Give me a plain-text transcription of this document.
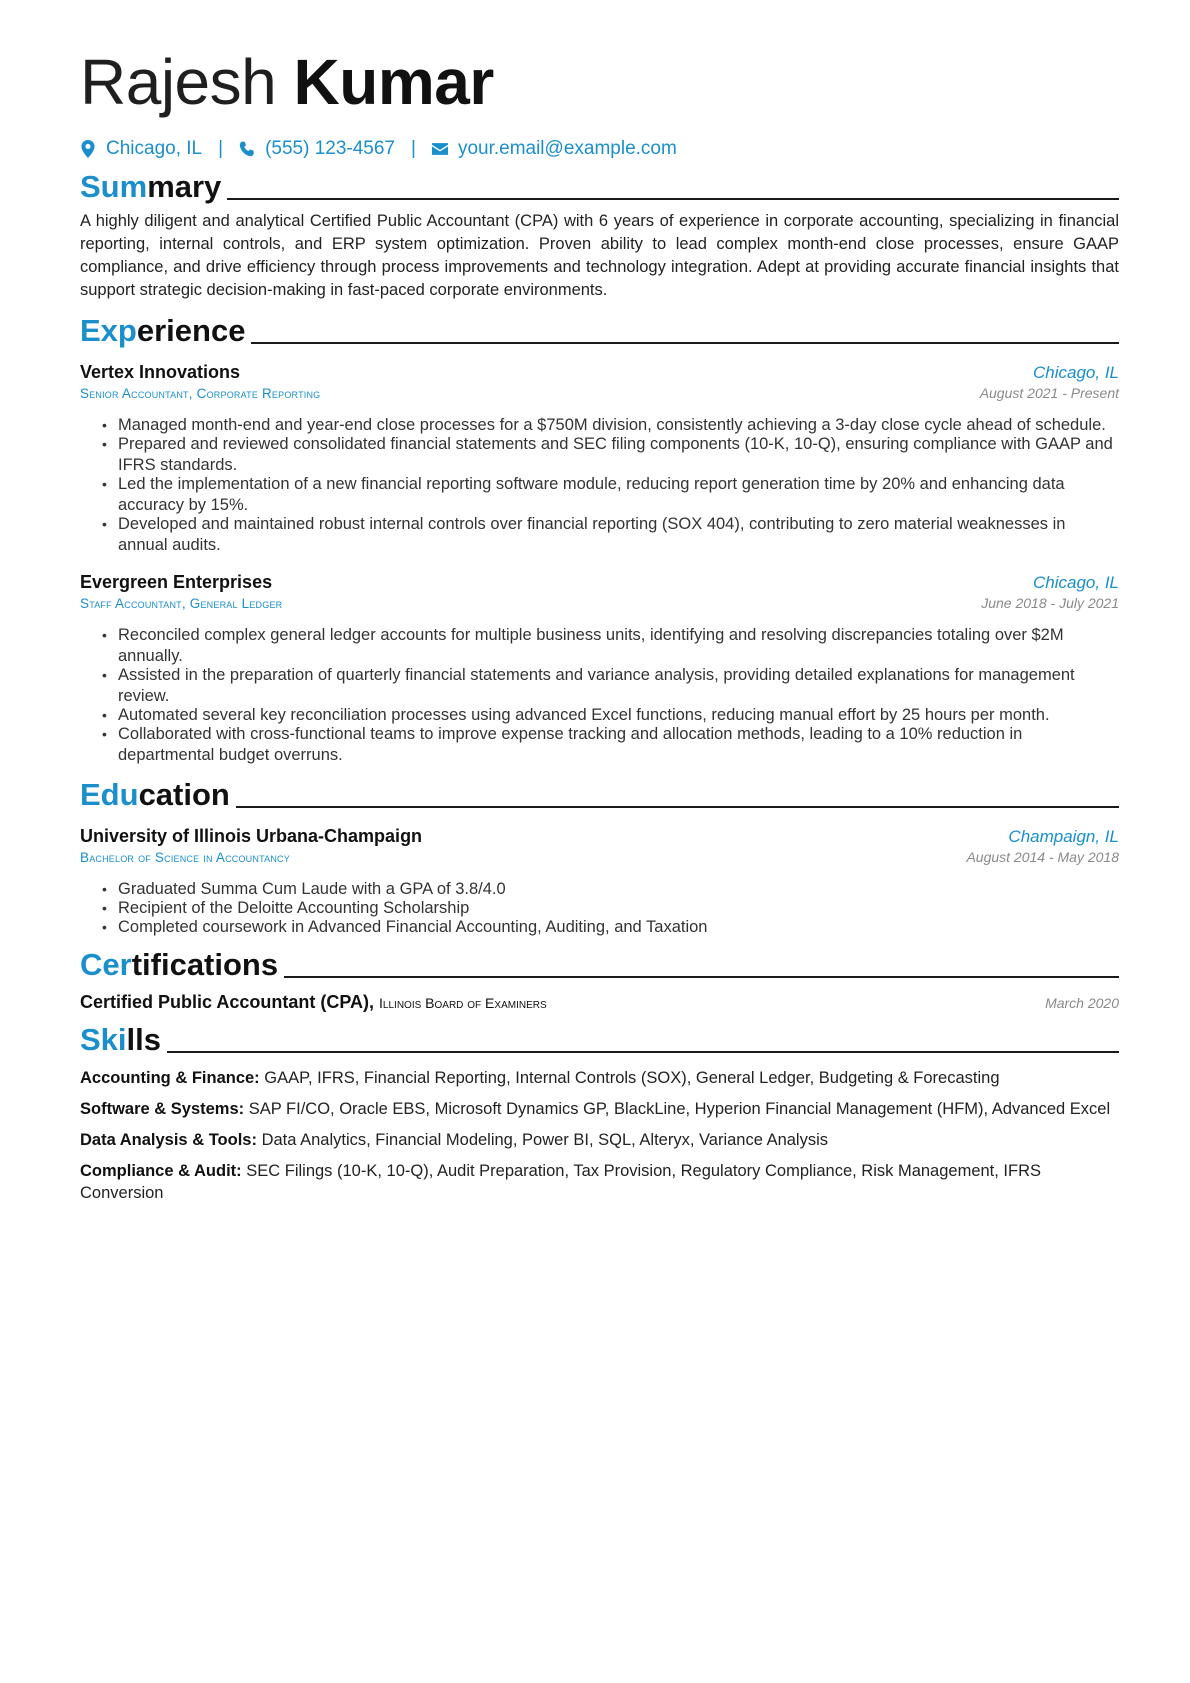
Rajesh Kumar
Chicago, IL | (555) 123-4567 | your.email@example.com
Summary

A highly diligent and analytical Certified Public Accountant (CPA) with 6 years of experience in corporate accounting, specializing in financial reporting, internal controls, and ERP system optimization. Proven ability to lead complex month-end close processes, ensure GAAP compliance, and drive efficiency through process improvements and technology integration. Adept at providing accurate financial insights that support strategic decision-making in fast-paced corporate environments.

Experience
Vertex Innovations	Chicago, IL
Senior Accountant, Corporate Reporting	August 2021 - Present
• Managed month-end and year-end close processes for a $750M division, consistently achieving a 3-day close cycle ahead of schedule.
• Prepared and reviewed consolidated financial statements and SEC filing components (10-K, 10-Q), ensuring compliance with GAAP and IFRS standards.
• Led the implementation of a new financial reporting software module, reducing report generation time by 20% and enhancing data accuracy by 15%.
• Developed and maintained robust internal controls over financial reporting (SOX 404), contributing to zero material weaknesses in annual audits.
Evergreen Enterprises	Chicago, IL
Staff Accountant, General Ledger	June 2018 - July 2021
• Reconciled complex general ledger accounts for multiple business units, identifying and resolving discrepancies totaling over $2M annually.
• Assisted in the preparation of quarterly financial statements and variance analysis, providing detailed explanations for management review.
• Automated several key reconciliation processes using advanced Excel functions, reducing manual effort by 25 hours per month.
• Collaborated with cross-functional teams to improve expense tracking and allocation methods, leading to a 10% reduction in departmental budget overruns.
Education
University of Illinois Urbana-Champaign	Champaign, IL
Bachelor of Science in Accountancy	August 2014 - May 2018
• Graduated Summa Cum Laude with a GPA of 3.8/4.0
• Recipient of the Deloitte Accounting Scholarship
• Completed coursework in Advanced Financial Accounting, Auditing, and Taxation
Certifications
Certified Public Accountant (CPA), Illinois Board of Examiners	March 2020
Skills

Accounting & Finance: GAAP, IFRS, Financial Reporting, Internal Controls (SOX), General Ledger, Budgeting & Forecasting

Software & Systems: SAP FI/CO, Oracle EBS, Microsoft Dynamics GP, BlackLine, Hyperion Financial Management (HFM), Advanced Excel

Data Analysis & Tools: Data Analytics, Financial Modeling, Power BI, SQL, Alteryx, Variance Analysis

Compliance & Audit: SEC Filings (10-K, 10-Q), Audit Preparation, Tax Provision, Regulatory Compliance, Risk Management, IFRS Conversion
